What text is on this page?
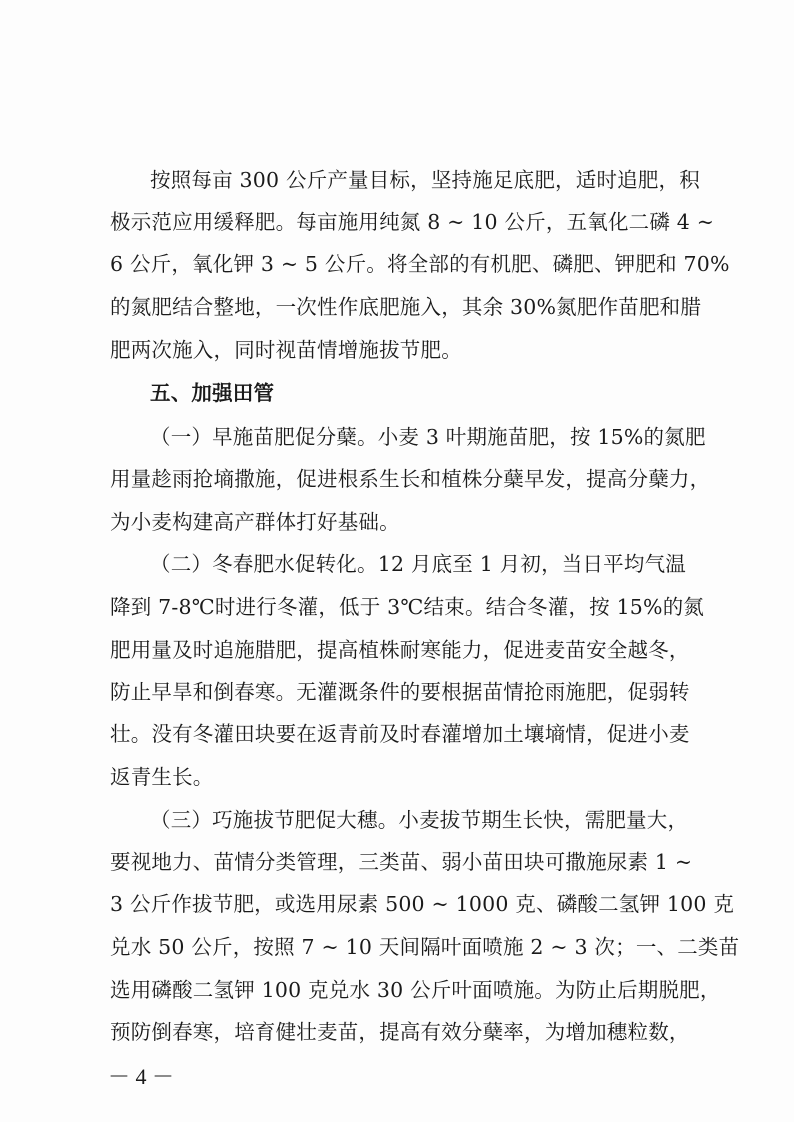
按照每亩 300 公斤产量目标，坚持施足底肥，适时追肥，积
极示范应用缓释肥。每亩施用纯氮 8 ~ 10 公斤，五氧化二磷 4 ~
6 公斤，氧化钾 3 ~ 5 公斤。将全部的有机肥、磷肥、钾肥和 70%
的氮肥结合整地，一次性作底肥施入，其余 30%氮肥作苗肥和腊
肥两次施入，同时视苗情增施拔节肥。
五、加强田管
（一）早施苗肥促分蘖。小麦 3 叶期施苗肥，按 15%的氮肥
用量趁雨抢墒撒施，促进根系生长和植株分蘖早发，提高分蘖力，
为小麦构建高产群体打好基础。
（二）冬春肥水促转化。12 月底至 1 月初，当日平均气温
降到 7-8℃时进行冬灌，低于 3℃结束。结合冬灌，按 15%的氮
肥用量及时追施腊肥，提高植株耐寒能力，促进麦苗安全越冬，
防止早旱和倒春寒。无灌溉条件的要根据苗情抢雨施肥，促弱转
壮。没有冬灌田块要在返青前及时春灌增加土壤墒情，促进小麦
返青生长。
（三）巧施拔节肥促大穗。小麦拔节期生长快，需肥量大，
要视地力、苗情分类管理，三类苗、弱小苗田块可撒施尿素 1 ~
3 公斤作拔节肥，或选用尿素 500 ~ 1000 克、磷酸二氢钾 100 克
兑水 50 公斤，按照 7 ~ 10 天间隔叶面喷施 2 ~ 3 次；一、二类苗
选用磷酸二氢钾 100 克兑水 30 公斤叶面喷施。为防止后期脱肥，
预防倒春寒，培育健壮麦苗，提高有效分蘖率，为增加穗粒数，
－ 4 －
